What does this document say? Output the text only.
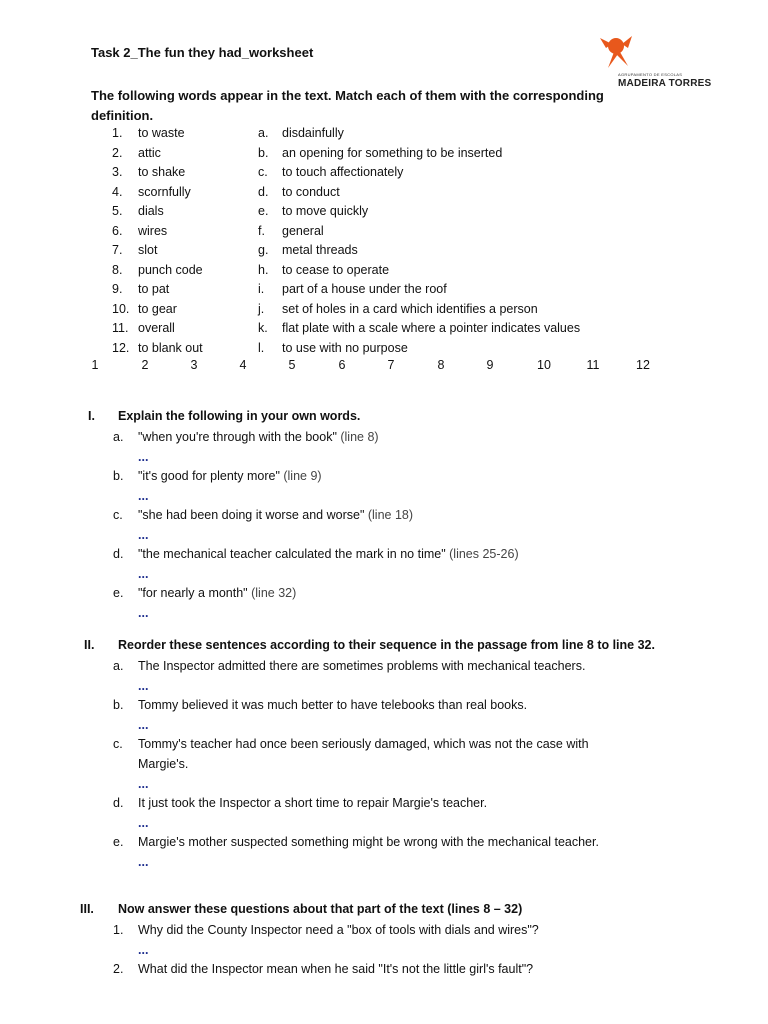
Task 2_The fun they had_worksheet
AGRUPAMENTO DE ESCOLAS
MADEIRA TORRES
The following words appear in the text. Match each of them with the corresponding definition.
1. to waste	a. disdainfully
2. attic	b. an opening for something to be inserted
3. to shake	c. to touch affectionately
4. scornfully	d. to conduct
5. dials	e. to move quickly
6. wires	f. general
7. slot	g. metal threads
8. punch code	h. to cease to operate
9. to pat	i. part of a house under the roof
10. to gear	j. set of holes in a card which identifies a person
11. overall	k. flat plate with a scale where a pointer indicates values
12. to blank out	l. to use with no purpose
1	2	3	4	5	6	7	8	9	10	11	12
I. Explain the following in your own words.
a. "when you're through with the book" (line 8)
...
b. "it's good for plenty more" (line 9)
...
c. "she had been doing it worse and worse" (line 18)
...
d. "the mechanical teacher calculated the mark in no time" (lines 25-26)
...
e. "for nearly a month" (line 32)
...
II. Reorder these sentences according to their sequence in the passage from line 8 to line 32.
a. The Inspector admitted there are sometimes problems with mechanical teachers.
...
b. Tommy believed it was much better to have telebooks than real books.
...
c. Tommy's teacher had once been seriously damaged, which was not the case with
Margie's.
...
d. It just took the Inspector a short time to repair Margie's teacher.
...
e. Margie's mother suspected something might be wrong with the mechanical teacher.
...
III. Now answer these questions about that part of the text (lines 8 – 32)
1. Why did the County Inspector need a "box of tools with dials and wires"?
...
2. What did the Inspector mean when he said "It's not the little girl's fault"?
